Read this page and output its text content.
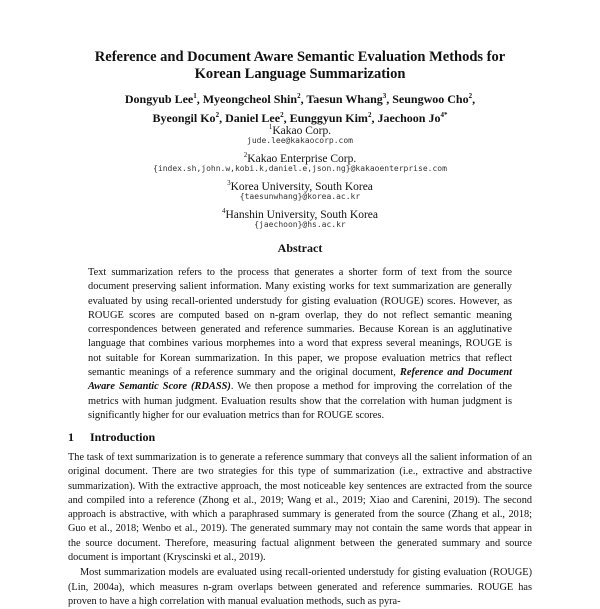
Reference and Document Aware Semantic Evaluation Methods for
Korean Language Summarization
Dongyub Lee$^1$, Myeongcheol Shin$^2$, Taesun Whang$^3$, Seungwoo Cho$^2$,
Byeongil Ko$^2$, Daniel Lee$^2$, Eunggyun Kim$^2$, Jaechoon $Jo^{4*}$
$^1$Kakao Corp.
jude.lee@kakaocorp.com
$^2$Kakao Enterprise Corp.
{index.sh,john.w,kobi.k,daniel.e,json.ng}@kakaoenterprise.com
$^3$Korea University, South Korea
{taesunwhang}@korea.ac.kr
$^4$Hanshin University, South Korea
{jaechoon}@hs.ac.kr
Abstract
Text summarization refers to the process that generates a shorter form of text from the source document preserving salient information. Many existing works for text summarization are generally evaluated by using recall-oriented understudy for gisting evaluation (ROUGE) scores. However, as ROUGE scores are computed based on n-gram overlap, they do not reflect semantic meaning correspondences between generated and reference summaries. Because Korean is an agglutinative language that combines various morphemes into a word that express several meanings, ROUGE is not suitable for Korean summarization. In this paper, we propose evaluation metrics that reflect semantic meanings of a reference summary and the original document, Reference and Document Aware Semantic Score (RDASS). We then propose a method for improving the correlation of the metrics with human judgment. Evaluation results show that the correlation with human judgment is significantly higher for our evaluation metrics than for ROUGE scores.
1 Introduction

The task of text summarization is to generate a reference summary that conveys all the salient information of an original document. There are two strategies for this type of summarization (i.e., extractive and abstractive summarization). With the extractive approach, the most noticeable key sentences are extracted from the source and compiled into a reference (Zhong et al., 2019; Wang et al., 2019; Xiao and Carenini, 2019). The second approach is abstractive, with which a paraphrased summary is generated from the source (Zhang et al., 2018; Guo et al., 2018; Wenbo et al., 2019). The generated summary may not contain the same words that appear in the source document. Therefore, measuring factual alignment between the generated summary and source document is important (Kryscinski et al., 2019).

Most summarization models are evaluated using recall-oriented understudy for gisting evaluation (ROUGE) (Lin, 2004a), which measures n-gram overlaps between generated and reference summaries. ROUGE has proven to have a high correlation with manual evaluation methods, such as pyra-
